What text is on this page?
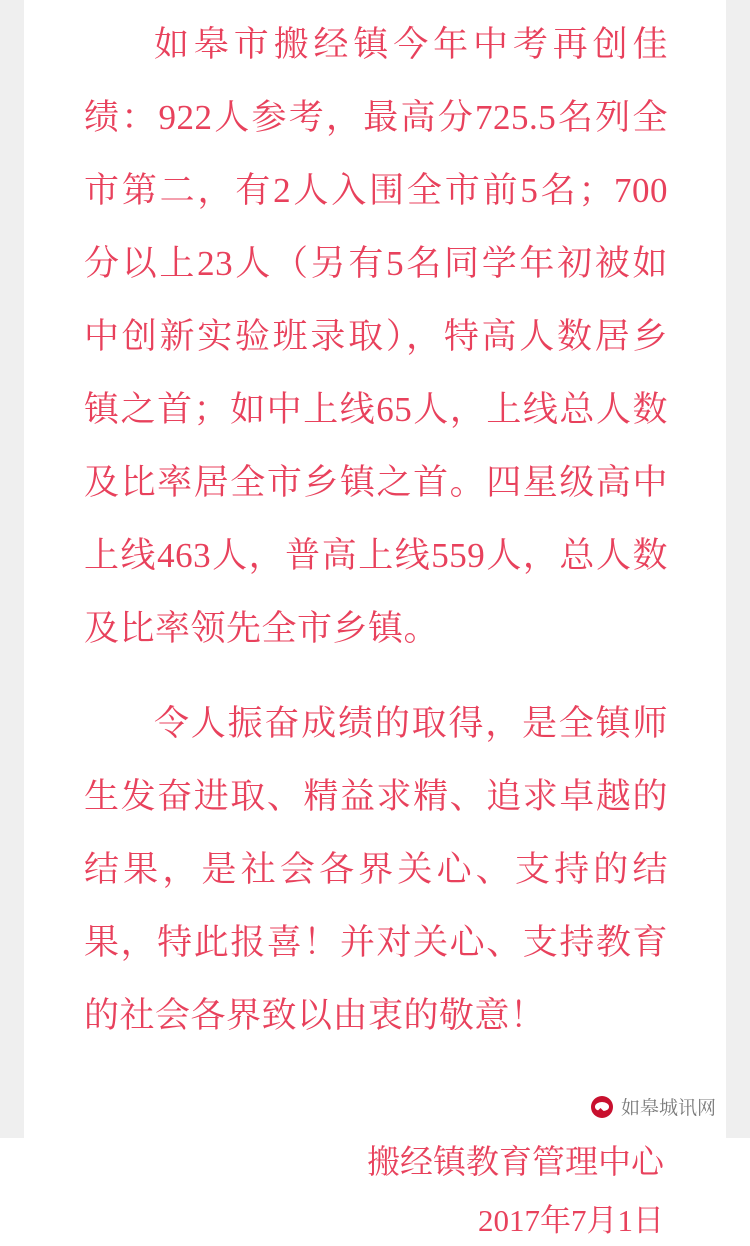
如皋市搬经镇今年中考再创佳绩：922人参考，最高分725.5名列全市第二，有2人入围全市前5名；700分以上23人（另有5名同学年初被如中创新实验班录取），特高人数居乡镇之首；如中上线65人，上线总人数及比率居全市乡镇之首。四星级高中上线463人，普高上线559人，总人数及比率领先全市乡镇。

令人振奋成绩的取得，是全镇师生发奋进取、精益求精、追求卓越的结果，是社会各界关心、支持的结果，特此报喜！并对关心、支持教育的社会各界致以由衷的敬意！

搬经镇教育管理中心

2017年7月1日

如皋城讯网
